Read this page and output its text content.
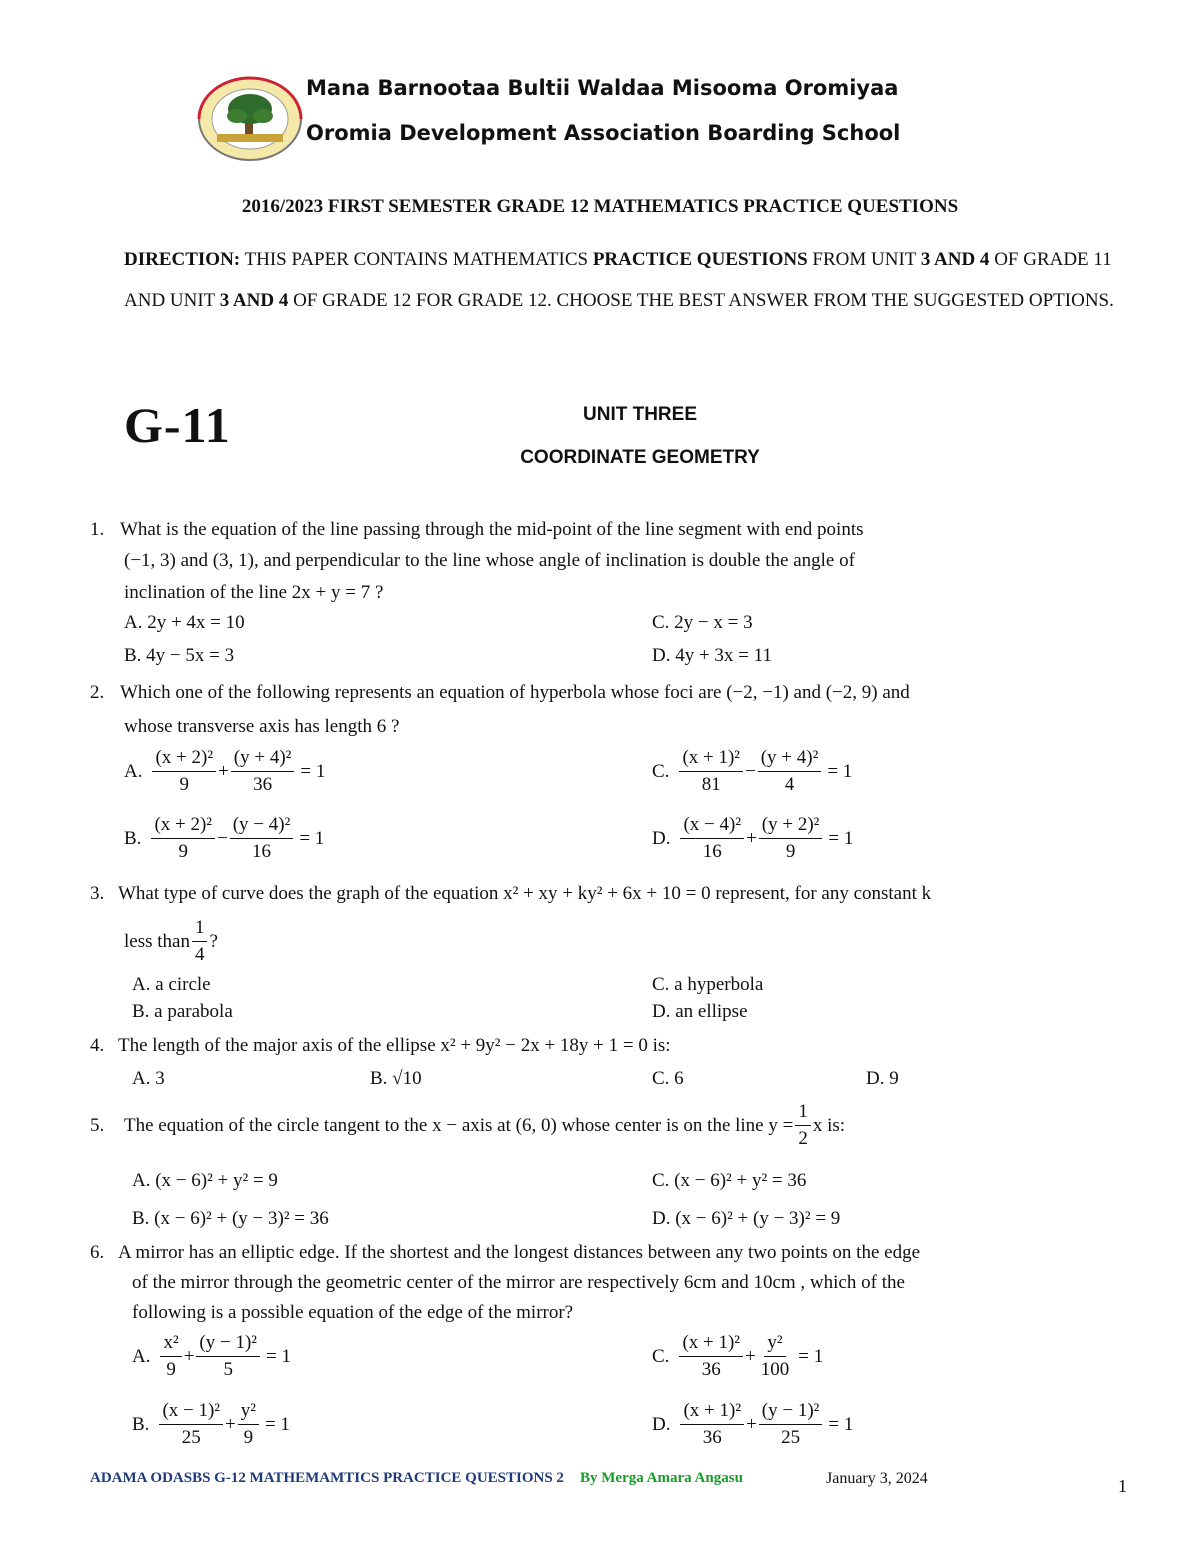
Mana Barnootaa Bultii Waldaa Misooma Oromiyaa
Oromia Development Association Boarding School
2016/2023 FIRST SEMESTER GRADE 12 MATHEMATICS PRACTICE QUESTIONS
DIRECTION: THIS PAPER CONTAINS MATHEMATICS PRACTICE QUESTIONS FROM UNIT 3 AND 4 OF GRADE 11 AND UNIT 3 AND 4 OF GRADE 12 FOR GRADE 12. CHOOSE THE BEST ANSWER FROM THE SUGGESTED OPTIONS.
G-11	UNIT THREE
COORDINATE GEOMETRY
1. What is the equation of the line passing through the mid-point of the line segment with end points
(−1, 3) and (3, 1), and perpendicular to the line whose angle of inclination is double the angle of
inclination of the line 2x + y = 7 ?
A. 2y + 4x = 10
B. 4y − 5x = 3
C. 2y − x = 3
D. 4y + 3x = 11
2. Which one of the following represents an equation of hyperbola whose foci are (−2, −1) and (−2, 9) and
whose transverse axis has length 6 ?
A. $\frac{\text{(x + 2)²}}{9} + \frac{\text{(y + 4)²}}{36} = 1$
B. $\frac{\text{(x + 2)²}}{9} - \frac{\text{(y − 4)²}}{16} = 1$
C. $\frac{\text{(x + 1)²}}{81} - \frac{\text{(y + 4)²}}{4} = 1$
D. $\frac{\text{(x − 4)²}}{16} + \frac{\text{(y + 2)²}}{9} = 1$
3. What type of curve does the graph of the equation x² + xy + ky² + 6x + 10 = 0 represent, for any constant k
less than $\frac{1}{4}$ ?
A. a circle
B. a parabola
C. a hyperbola
D. an ellipse
4. The length of the major axis of the ellipse x² + 9y² − 2x + 18y + 1 = 0 is:
A. 3	B. √10	C. 6	D. 9
5.	The equation of the circle tangent to the x − axis at (6, 0) whose center is on the line $y = \frac{1}{2}$ x is:
A. (x − 6)² + y² = 9
B. (x − 6)² + (y − 3)² = 36
C. (x − 6)² + y² = 36
D. (x − 6)² + (y − 3)² = 9
6. A mirror has an elliptic edge. If the shortest and the longest distances between any two points on the edge
of the mirror through the geometric center of the mirror are respectively 6cm and 10cm , which of the
following is a possible equation of the edge of the mirror?
A. $\frac{\text{x²}}{9} + \frac{\text{(y − 1)²}}{5} = 1$
B. $\frac{\text{(x − 1)²}}{25} + \frac{\text{y²}}{9} = 1$
C. $\frac{\text{(x + 1)²}}{36} + \frac{\text{y²}}{100} = 1$
D. $\frac{\text{(x + 1)²}}{36} + \frac{\text{(y − 1)²}}{25} = 1$
ADAMA ODASBS G-12 MATHEMAMTICS PRACTICE QUESTIONS 2 By Merga Amara Angasu	January 3, 2024	1
